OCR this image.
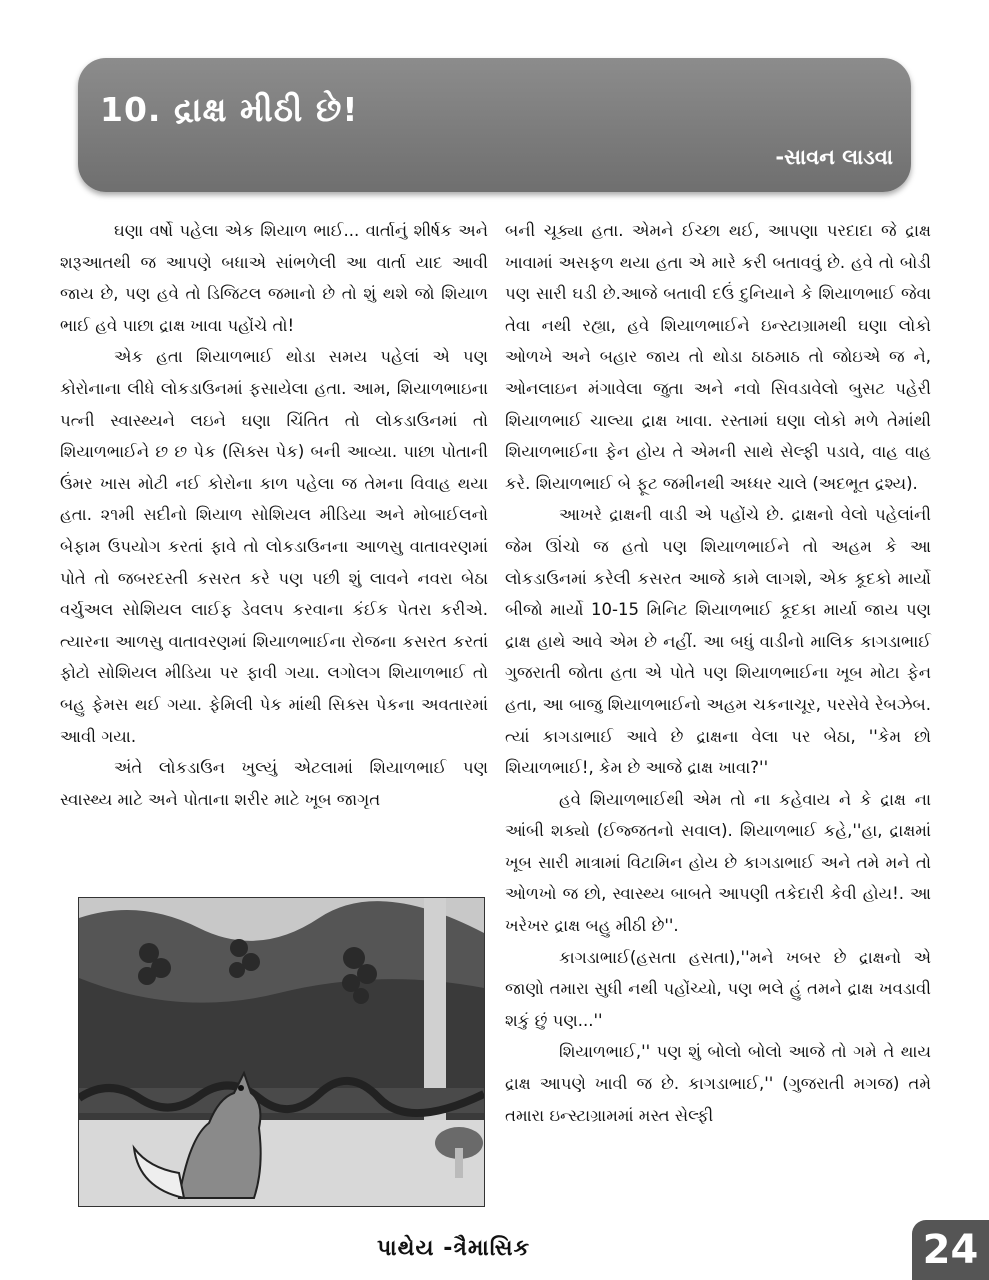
10. દ્રાક્ષ મીઠી છે!
-સાવન લાડવા

ઘણા વર્ષો પહેલા એક શિયાળ ભાઈ... વાર્તાનું શીર્ષક અને શરૂઆતથી જ આપણે બધાએ સાંભળેલી આ વાર્તા યાદ આવી જાય છે, પણ હવે તો ડિજિટલ જમાનો છે તો શું થશે જો શિયાળ ભાઈ હવે પાછા દ્રાક્ષ ખાવા પહોંચે તો!

એક હતા શિયાળભાઈ થોડા સમય પહેલાં એ પણ કોરોનાના લીધે લોકડાઉનમાં ફસાયેલા હતા. આમ, શિયાળભાઇના પત્ની સ્વાસ્થ્યને લઇને ઘણા ચિંતિત તો લોકડાઉનમાં તો શિયાળભાઈને છ છ પેક (સિક્સ પેક) બની આવ્યા. પાછા પોતાની ઉંમર ખાસ મોટી નઈ કોરોના કાળ પહેલા જ તેમના વિવાહ થયા હતા. ૨૧મી સદીનો શિયાળ સોશિયલ મીડિયા અને મોબાઈલનો બેફામ ઉપયોગ કરતાં ફાવે તો લોકડાઉનના આળસુ વાતાવરણમાં પોતે તો જબરદસ્તી કસરત કરે પણ પછી શું લાવને નવરા બેઠા વર્ચુઅલ સોશિયલ લાઈફ ડેવલપ કરવાના કંઈક પેતરા કરીએ. ત્યારના આળસુ વાતાવરણમાં શિયાળભાઈના રોજના કસરત કરતાં ફોટો સોશિયલ મીડિયા પર ફાવી ગયા. લગોલગ શિયાળભાઈ તો બહુ ફેમસ થઈ ગયા. ફેમિલી પેક માંથી સિક્સ પેકના અવતારમાં આવી ગયા.

અંતે લોકડાઉન ખુલ્યું એટલામાં શિયાળભાઈ પણ સ્વાસ્થ્ય માટે અને પોતાના શરીર માટે ખૂબ જાગૃત

બની ચૂક્યા હતા. એમને ઈચ્છા થઈ, આપણા પરદાદા જે દ્રાક્ષ ખાવામાં અસફળ થયા હતા એ મારે કરી બતાવવું છે. હવે તો બોડી પણ સારી ઘડી છે.આજે બતાવી દઉં દુનિયાને કે શિયાળભાઈ જેવા તેવા નથી રહ્યા, હવે શિયાળભાઈને ઇન્સ્ટાગ્રામથી ઘણા લોકો ઓળખે અને બહાર જાય તો થોડા ઠાઠમાઠ તો જોઇએ જ ને, ઓનલાઇન મંગાવેલા જુતા અને નવો સિવડાવેલો બુસટ પહેરી શિયાળભાઈ ચાલ્યા દ્રાક્ષ ખાવા. રસ્તામાં ઘણા લોકો મળે તેમાંથી શિયાળભાઈના ફેન હોય તે એમની સાથે સેલ્ફી પડાવે, વાહ વાહ કરે. શિયાળભાઈ બે ફૂટ જમીનથી અધ્ધર ચાલે (અદભૂત દ્રશ્ય).

આખરે દ્રાક્ષની વાડી એ પહોંચે છે. દ્રાક્ષનો વેલો પહેલાંની જેમ ઊંચો જ હતો પણ શિયાળભાઈને તો અહમ કે આ લોકડાઉનમાં કરેલી કસરત આજે કામે લાગશે, એક કૂદકો માર્યો બીજો માર્યો 10-15 મિનિટ શિયાળભાઈ કૂદકા માર્યા જાય પણ દ્રાક્ષ હાથે આવે એમ છે નહીં. આ બધું વાડીનો માલિક કાગડાભાઈ ગુજરાતી જોતા હતા એ પોતે પણ શિયાળભાઈના ખૂબ મોટા ફેન હતા, આ બાજુ શિયાળભાઈનો અહમ ચકનાચૂર, પરસેવે રેબઝેબ. ત્યાં કાગડાભાઈ આવે છે દ્રાક્ષના વેલા પર બેઠા, ''કેમ છો શિયાળભાઈ!, કેમ છે આજે દ્રાક્ષ ખાવા?''

હવે શિયાળભાઈથી એમ તો ના કહેવાય ને કે દ્રાક્ષ ના આંબી શક્યો (ઈજ્જતનો સવાલ). શિયાળભાઈ કહે,''હા, દ્રાક્ષમાં ખૂબ સારી માત્રામાં વિટામિન હોય છે કાગડાભાઈ અને તમે મને તો ઓળખો જ છો, સ્વાસ્થ્ય બાબતે આપણી તકેદારી કેવી હોય!. આ ખરેખર દ્રાક્ષ બહુ મીઠી છે''.

કાગડાભાઈ(હસતા હસતા),''મને ખબર છે દ્રાક્ષનો એ જાણો તમારા સુધી નથી પહોંચ્યો, પણ ભલે હું તમને દ્રાક્ષ ખવડાવી શકું છું પણ...''

શિયાળભાઈ,'' પણ શું બોલો બોલો આજે તો ગમે તે થાય દ્રાક્ષ આપણે ખાવી જ છે. કાગડાભાઈ,'' (ગુજરાતી મગજ) તમે તમારા ઇન્સ્ટાગ્રામમાં મસ્ત સેલ્ફી

પાથેય -ત્રૈમાસિક	24
